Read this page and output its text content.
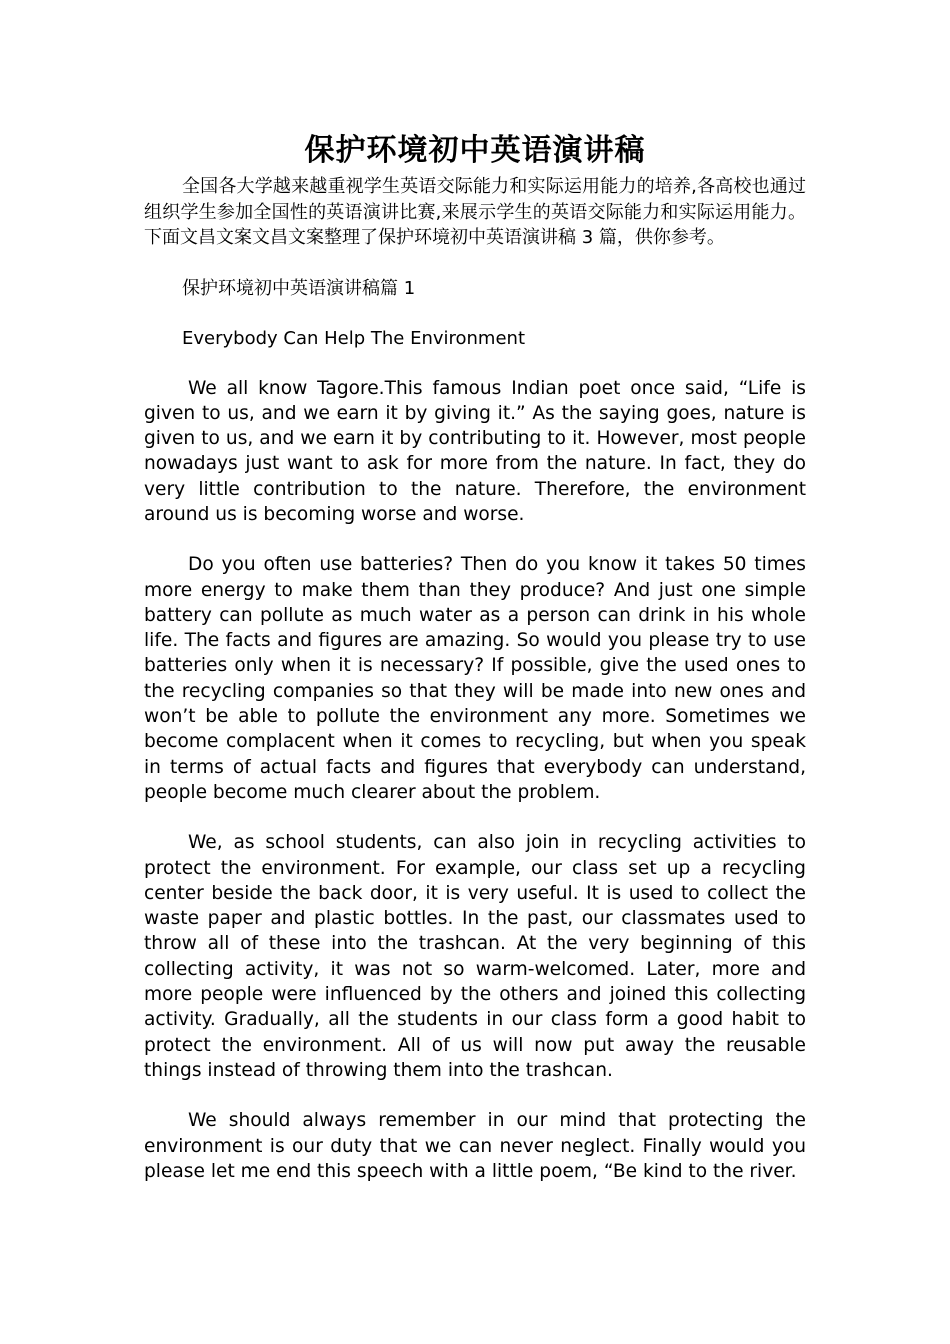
保护环境初中英语演讲稿

全国各大学越来越重视学生英语交际能力和实际运用能力的培养,各高校也通过组织学生参加全国性的英语演讲比赛,来展示学生的英语交际能力和实际运用能力。下面文昌文案文昌文案整理了保护环境初中英语演讲稿 3 篇，供你参考。

保护环境初中英语演讲稿篇 1

Everybody Can Help The Environment

We all know Tagore.This famous Indian poet once said, “Life is given to us, and we earn it by giving it.” As the saying goes, nature is given to us, and we earn it by contributing to it. However, most people nowadays just want to ask for more from the nature. In fact, they do very little contribution to the nature. Therefore, the environment around us is becoming worse and worse.

Do you often use batteries? Then do you know it takes 50 times more energy to make them than they produce? And just one simple battery can pollute as much water as a person can drink in his whole life. The facts and figures are amazing. So would you please try to use batteries only when it is necessary? If possible, give the used ones to the recycling companies so that they will be made into new ones and won’t be able to pollute the environment any more. Sometimes we become complacent when it comes to recycling, but when you speak in terms of actual facts and figures that everybody can understand, people become much clearer about the problem.

We, as school students, can also join in recycling activities to protect the environment. For example, our class set up a recycling center beside the back door, it is very useful. It is used to collect the waste paper and plastic bottles. In the past, our classmates used to throw all of these into the trashcan. At the very beginning of this collecting activity, it was not so warm-welcomed. Later, more and more people were influenced by the others and joined this collecting activity. Gradually, all the students in our class form a good habit to protect the environment. All of us will now put away the reusable things instead of throwing them into the trashcan.

We should always remember in our mind that protecting the environment is our duty that we can never neglect. Finally would you please let me end this speech with a little poem, “Be kind to the river.
